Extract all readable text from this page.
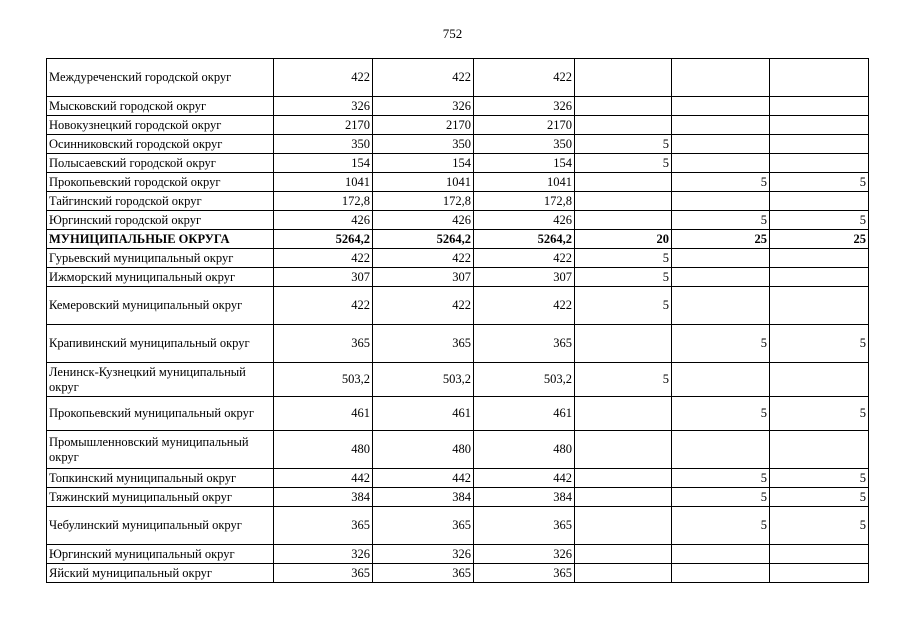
752
Междуреченский городской округ	422	422	422			
Мысковский городской округ	326	326	326			
Новокузнецкий городской округ	2170	2170	2170			
Осинниковский городской округ	350	350	350	5		
Полысаевский городской округ	154	154	154	5		
Прокопьевский городской округ	1041	1041	1041		5	5
Тайгинский городской округ	172,8	172,8	172,8			
Юргинский городской округ	426	426	426		5	5
МУНИЦИПАЛЬНЫЕ ОКРУГА	5264,2	5264,2	5264,2	20	25	25
Гурьевский муниципальный округ	422	422	422	5		
Ижморский муниципальный округ	307	307	307	5		
Кемеровский муниципальный округ	422	422	422	5		
Крапивинский муниципальный округ	365	365	365		5	5
Ленинск-Кузнецкий муниципальный округ	503,2	503,2	503,2	5		
Прокопьевский муниципальный округ	461	461	461		5	5
Промышленновский муниципальный округ	480	480	480			
Топкинский муниципальный округ	442	442	442		5	5
Тяжинский муниципальный округ	384	384	384		5	5
Чебулинский муниципальный округ	365	365	365		5	5
Юргинский муниципальный округ	326	326	326			
Яйский муниципальный округ	365	365	365			
